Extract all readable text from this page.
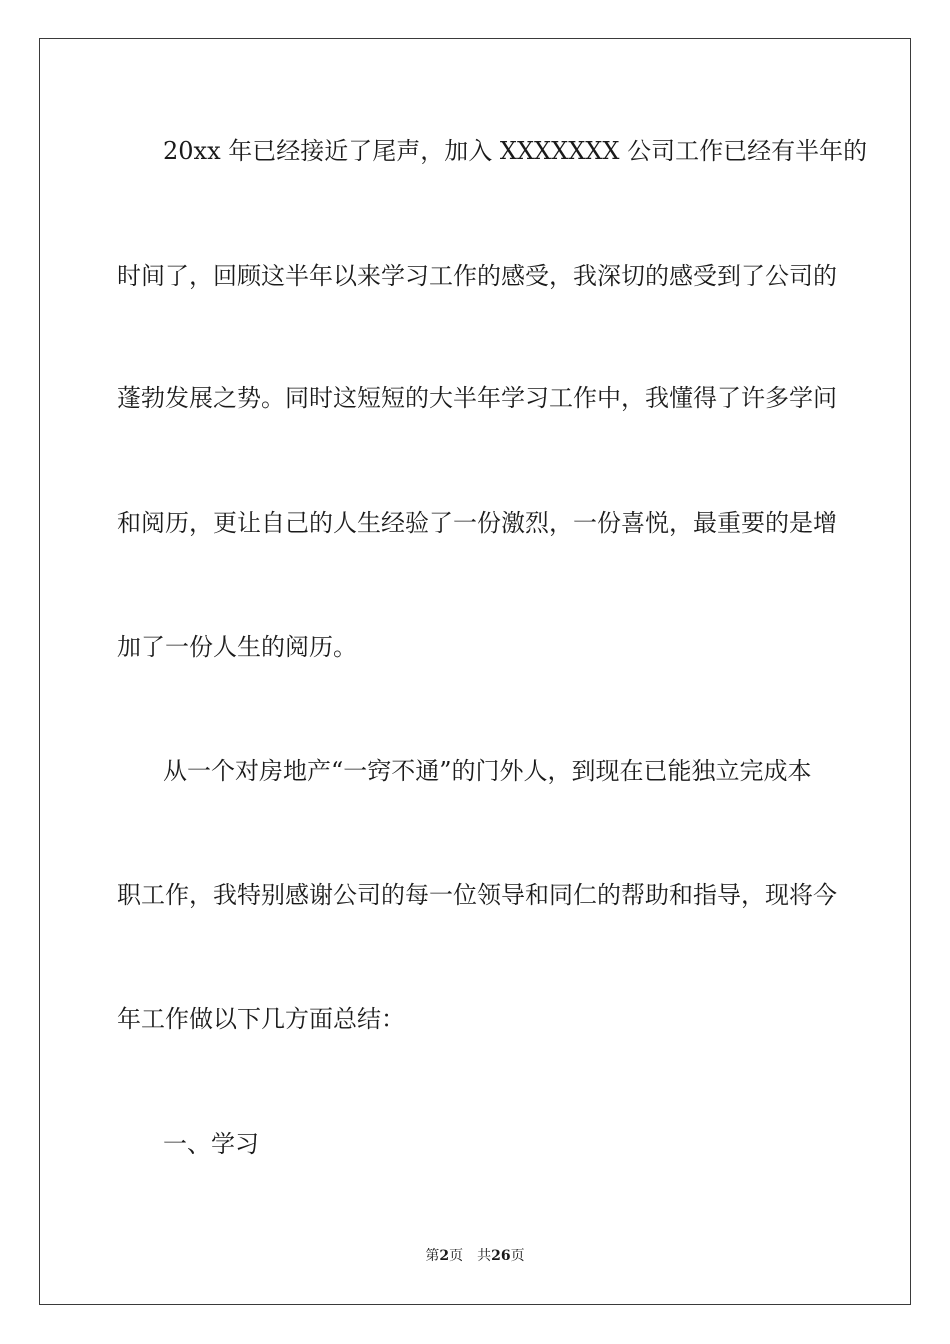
20xx 年已经接近了尾声，加入 XXXXXXX 公司工作已经有半年的
时间了，回顾这半年以来学习工作的感受，我深切的感受到了公司的
蓬勃发展之势。同时这短短的大半年学习工作中，我懂得了许多学问
和阅历，更让自己的人生经验了一份激烈，一份喜悦，最重要的是增
加了一份人生的阅历。
从一个对房地产“一窍不通”的门外人，到现在已能独立完成本
职工作，我特别感谢公司的每一位领导和同仁的帮助和指导，现将今
年工作做以下几方面总结：
一、学习
第2页 共26页
